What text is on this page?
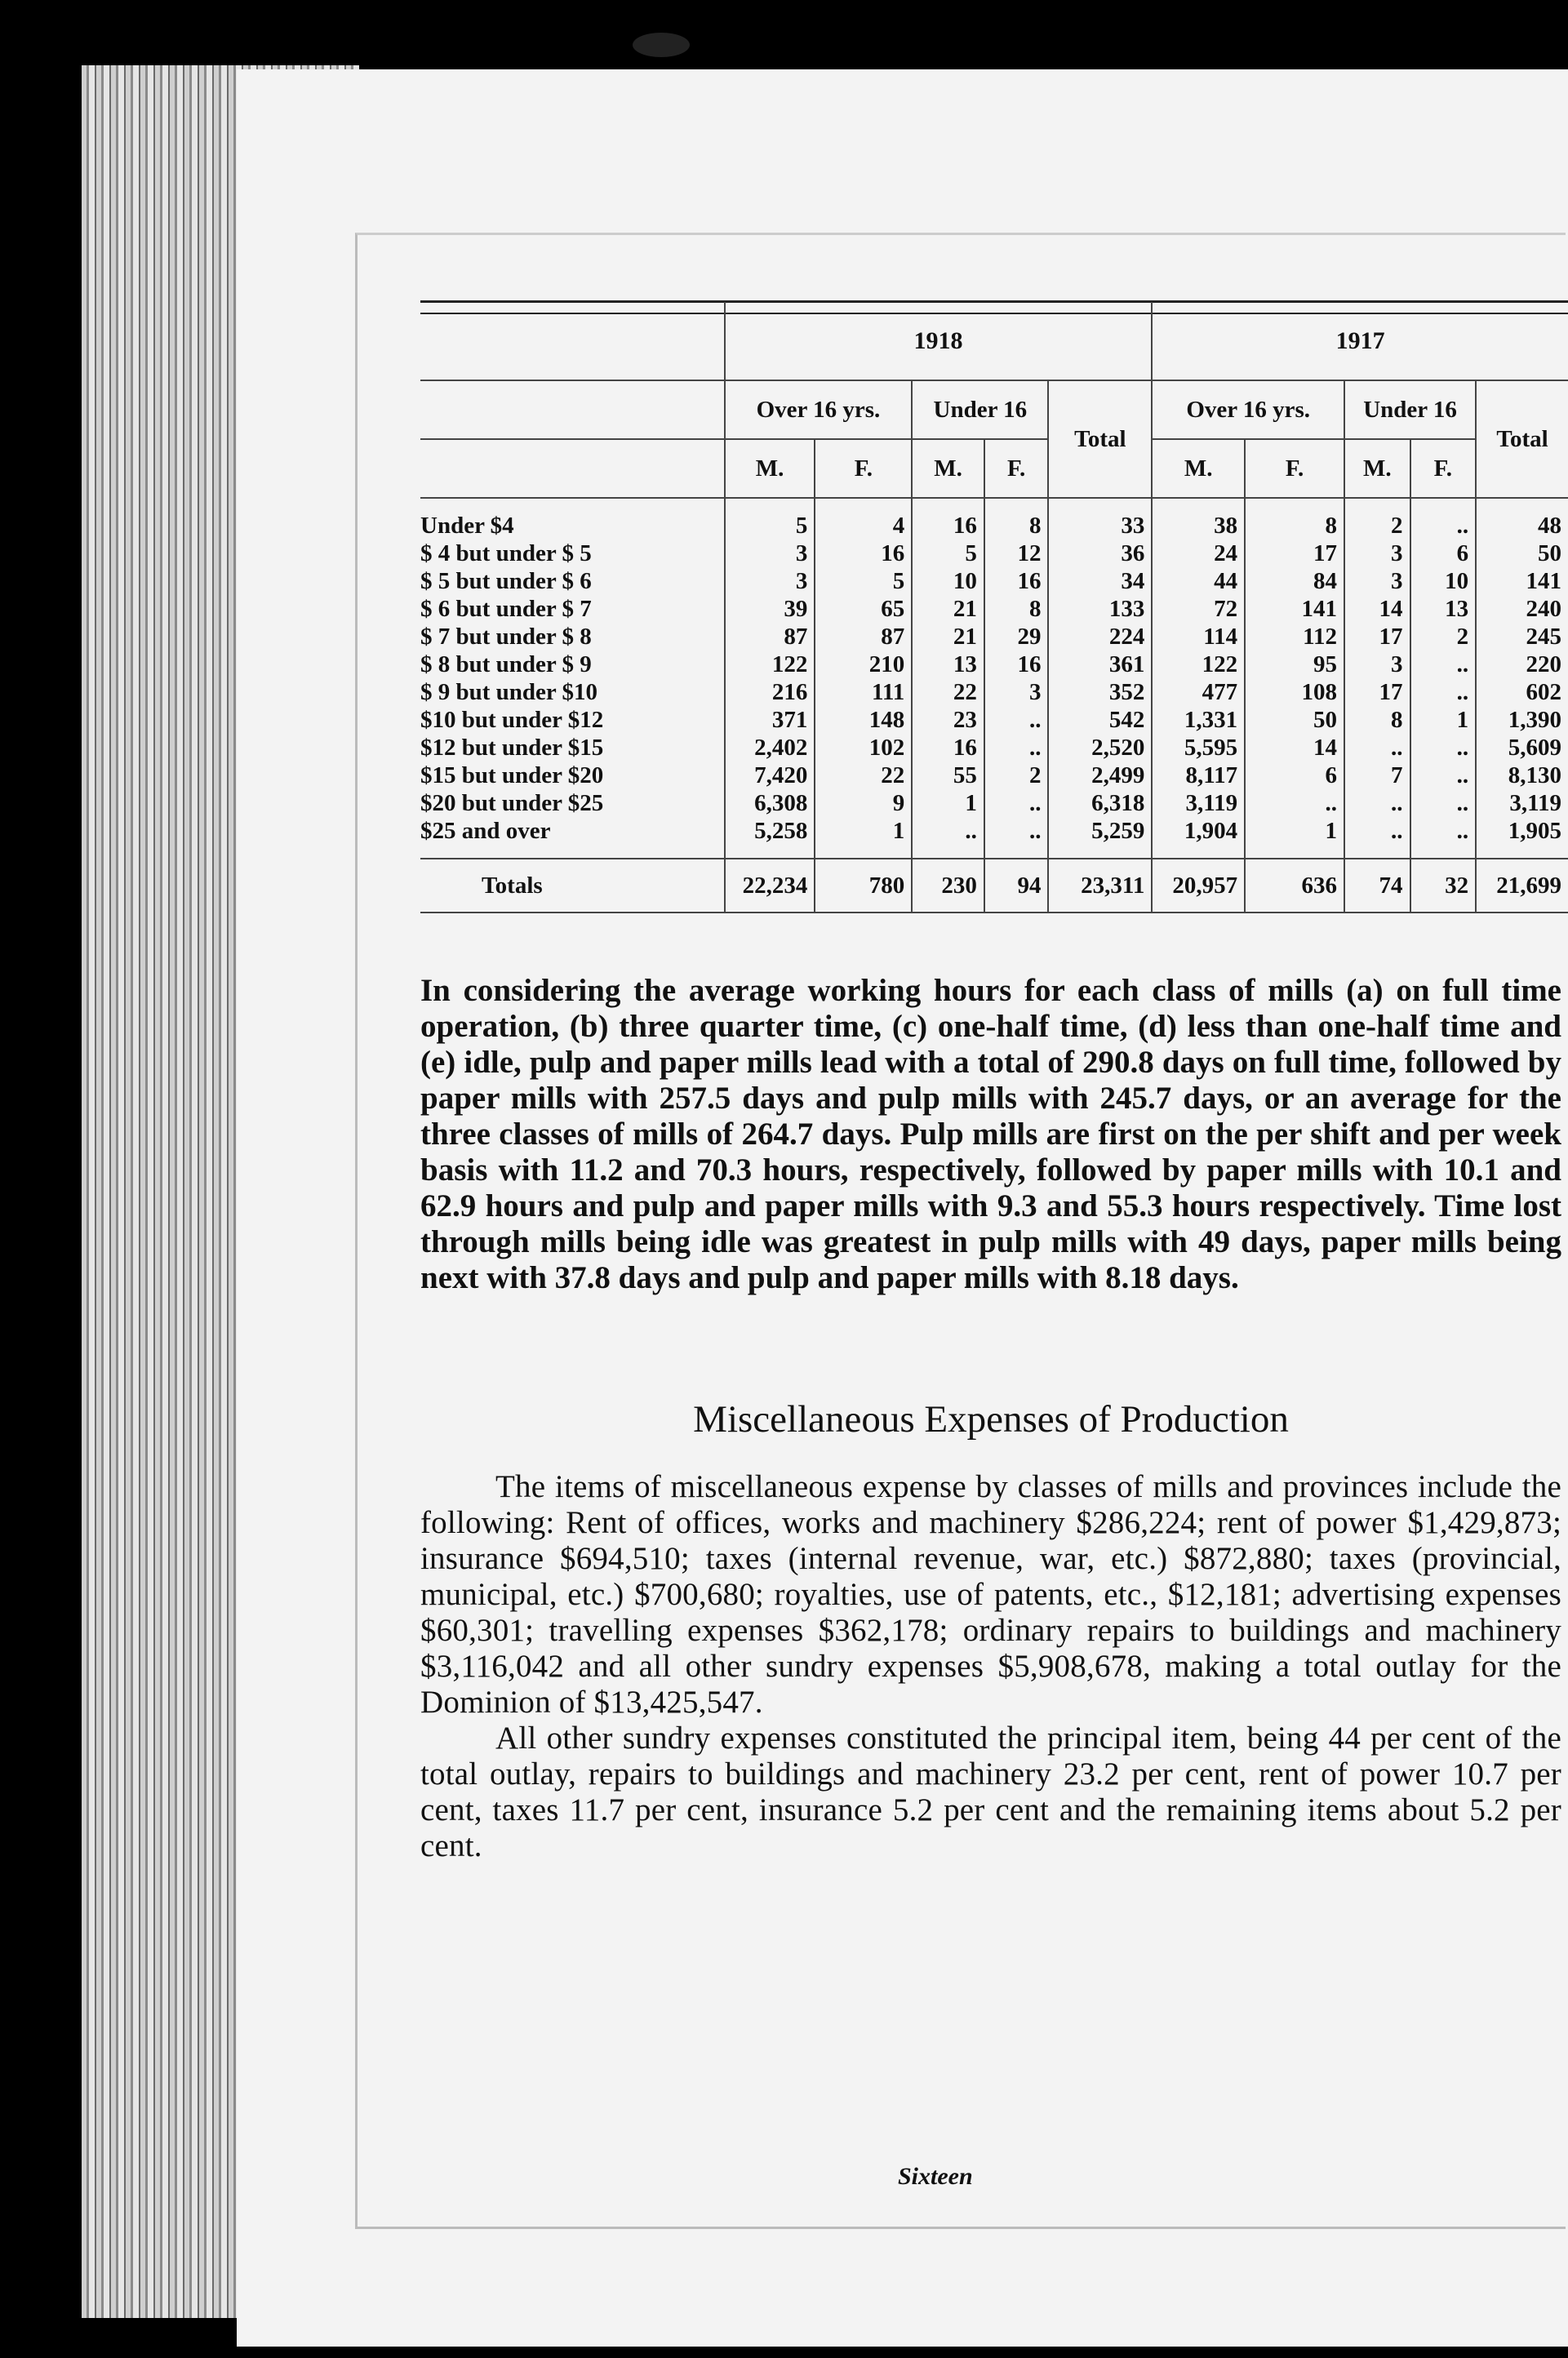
	1918					1917				
	Over 16 yrs.		Under 16		Total	Over 16 yrs.		Under 16		Total
	M.	F.	M.	F.		M.	F.	M.	F.	

Under $4	5	4	16	8	33	38	8	2	..	48
$ 4 but under $ 5	3	16	5	12	36	24	17	3	6	50
$ 5 but under $ 6	3	5	10	16	34	44	84	3	10	141
$ 6 but under $ 7	39	65	21	8	133	72	141	14	13	240
$ 7 but under $ 8	87	87	21	29	224	114	112	17	2	245
$ 8 but under $ 9	122	210	13	16	361	122	95	3	..	220
$ 9 but under $10	216	111	22	3	352	477	108	17	..	602
$10 but under $12	371	148	23	..	542	1,331	50	8	1	1,390
$12 but under $15	2,402	102	16	..	2,520	5,595	14	..	..	5,609
$15 but under $20	7,420	22	55	2	2,499	8,117	6	7	..	8,130
$20 but under $25	6,308	9	1	..	6,318	3,119	..	..	..	3,119
$25 and over	5,258	1	..	..	5,259	1,904	1	..	..	1,905

Totals	22,234	780	230	94	23,311	20,957	636	74	32	21,699
In considering the average working hours for each class of mills (a) on full time operation, (b) three quarter time, (c) one-half time, (d) less than one-half time and (e) idle, pulp and paper mills lead with a total of 290.8 days on full time, followed by paper mills with 257.5 days and pulp mills with 245.7 days, or an average for the three classes of mills of 264.7 days. Pulp mills are first on the per shift and per week basis with 11.2 and 70.3 hours, respectively, followed by paper mills with 10.1 and 62.9 hours and pulp and paper mills with 9.3 and 55.3 hours respectively. Time lost through mills being idle was greatest in pulp mills with 49 days, paper mills being next with 37.8 days and pulp and paper mills with 8.18 days.
Miscellaneous Expenses of Production
The items of miscellaneous expense by classes of mills and provinces include the following: Rent of offices, works and machinery $286,224; rent of power $1,429,873; insurance $694,510; taxes (internal revenue, war, etc.) $872,880; taxes (provincial, municipal, etc.) $700,680; royalties, use of patents, etc., $12,181; advertising expenses $60,301; travelling expenses $362,178; ordinary repairs to buildings and machinery $3,116,042 and all other sundry expenses $5,908,678, making a total outlay for the Dominion of $13,425,547.
All other sundry expenses constituted the principal item, being 44 per cent of the total outlay, repairs to buildings and machinery 23.2 per cent, rent of power 10.7 per cent, taxes 11.7 per cent, insurance 5.2 per cent and the remaining items about 5.2 per cent.
Sixteen
